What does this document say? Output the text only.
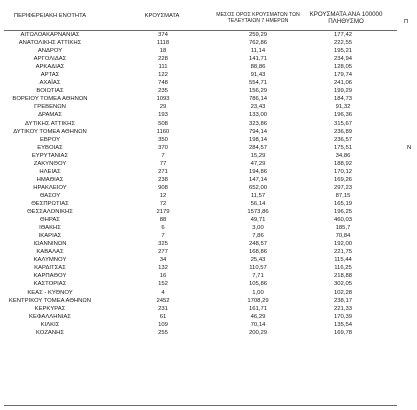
ΠΕΡΙΦΕΡΕΙΑΚΗ ΕΝΟΤΗΤΑ	ΚΡΟΥΣΜΑΤΑ	ΜΕΣΟΣ ΟΡΟΣ ΚΡΟΥΣΜΑΤΩΝ ΤΩΝ ΤΕΛΕΥΤΑΙΩΝ 7 ΗΜΕΡΩΝ
ΚΡΟΥΣΜΑΤΑ ΑΝΑ 100000 ΠΛΗΘΥΣΜΟ	Π
ΑΙΤΩΛΟΑΚΑΡΝΑΝΙΑΣ	374	259,29	177,42
ΑΝΑΤΟΛΙΚΗΣ ΑΤΤΙΚΗΣ	1118	762,86	222,55
ΑΝΔΡΟΥ	18	11,14	195,21
ΑΡΓΟΛΙΔΑΣ	228	141,71	234,94
ΑΡΚΑΔΙΑΣ	111	88,86	128,05
ΑΡΤΑΣ	122	91,43	179,74
ΑΧΑΪΑΣ	748	554,71	241,06
ΒΟΙΩΤΙΑΣ	235	156,29	199,29
ΒΟΡΕΙΟΥ ΤΟΜΕΑ ΑΘΗΝΩΝ	1093	786,14	184,73
ΓΡΕΒΕΝΩΝ	29	23,43	91,32
ΔΡΑΜΑΣ	193	133,00	196,36
ΔΥΤΙΚΗΣ ΑΤΤΙΚΗΣ	508	323,86	315,67
ΔΥΤΙΚΟΥ ΤΟΜΕΑ ΑΘΗΝΩΝ	1160	794,14	236,89
ΕΒΡΟΥ	350	198,14	236,57
ΕΥΒΟΙΑΣ	370	284,57	175,51	Ν
ΕΥΡΥΤΑΝΙΑΣ	7	15,29	34,86
ΖΑΚΥΝΘΟΥ	77	47,29	188,92
ΗΛΕΙΑΣ	271	194,86	170,12
ΗΜΑΘΙΑΣ	238	147,14	169,26
ΗΡΑΚΛΕΙΟΥ	908	652,00	297,23
ΘΑΣΟΥ	12	11,57	87,15
ΘΕΣΠΡΩΤΙΑΣ	72	56,14	165,19
ΘΕΣΣΑΛΟΝΙΚΗΣ	2179	1573,86	196,25
ΘΗΡΑΣ	88	49,71	460,03
ΙΘΑΚΗΣ	6	3,00	185,7
ΙΚΑΡΙΑΣ	7	7,86	70,84
ΙΩΑΝΝΙΝΩΝ	325	248,57	192,00
ΚΑΒΑΛΑΣ	277	168,86	221,75
ΚΑΛΥΜΝΟΥ	34	25,43	115,44
ΚΑΡΔΙΤΣΑΣ	132	110,57	116,25
ΚΑΡΠΑΘΟΥ	16	7,71	218,88
ΚΑΣΤΟΡΙΑΣ	152	105,86	302,05
ΚΕΑΣ - ΚΥΘΝΟΥ	4	1,00	102,28
ΚΕΝΤΡΙΚΟΥ ΤΟΜΕΑ ΑΘΗΝΩΝ	2452	1708,29	238,17
ΚΕΡΚΥΡΑΣ	231	161,71	221,33
ΚΕΦΑΛΛΗΝΙΑΣ	61	46,29	170,39
ΚΙΛΚΙΣ	109	70,14	135,54
ΚΟΖΑΝΗΣ	255	200,29	169,78
